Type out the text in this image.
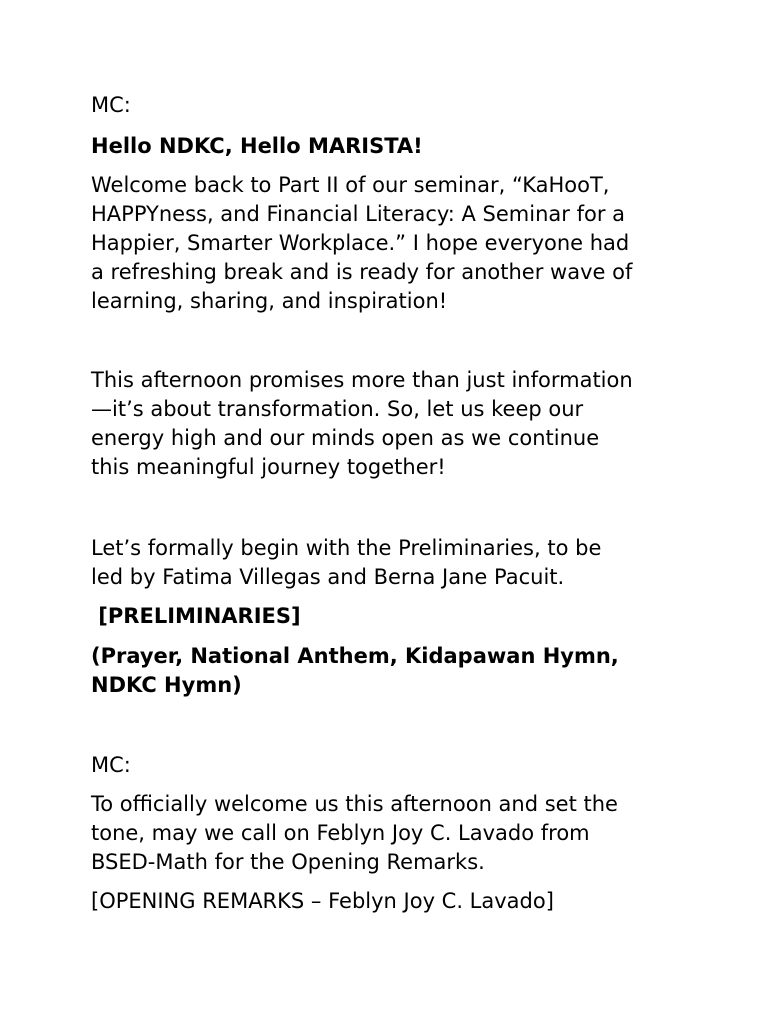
MC:
Hello NDKC, Hello MARISTA!
Welcome back to Part II of our seminar, “KaHooT,
HAPPYness, and Financial Literacy: A Seminar for a
Happier, Smarter Workplace.” I hope everyone had
a refreshing break and is ready for another wave of
learning, sharing, and inspiration!
This afternoon promises more than just information
—it’s about transformation. So, let us keep our
energy high and our minds open as we continue
this meaningful journey together!
Let’s formally begin with the Preliminaries, to be
led by Fatima Villegas and Berna Jane Pacuit.
[PRELIMINARIES]
(Prayer, National Anthem, Kidapawan Hymn,
NDKC Hymn)
MC:
To officially welcome us this afternoon and set the
tone, may we call on Feblyn Joy C. Lavado from
BSED-Math for the Opening Remarks.
[OPENING REMARKS – Feblyn Joy C. Lavado]
